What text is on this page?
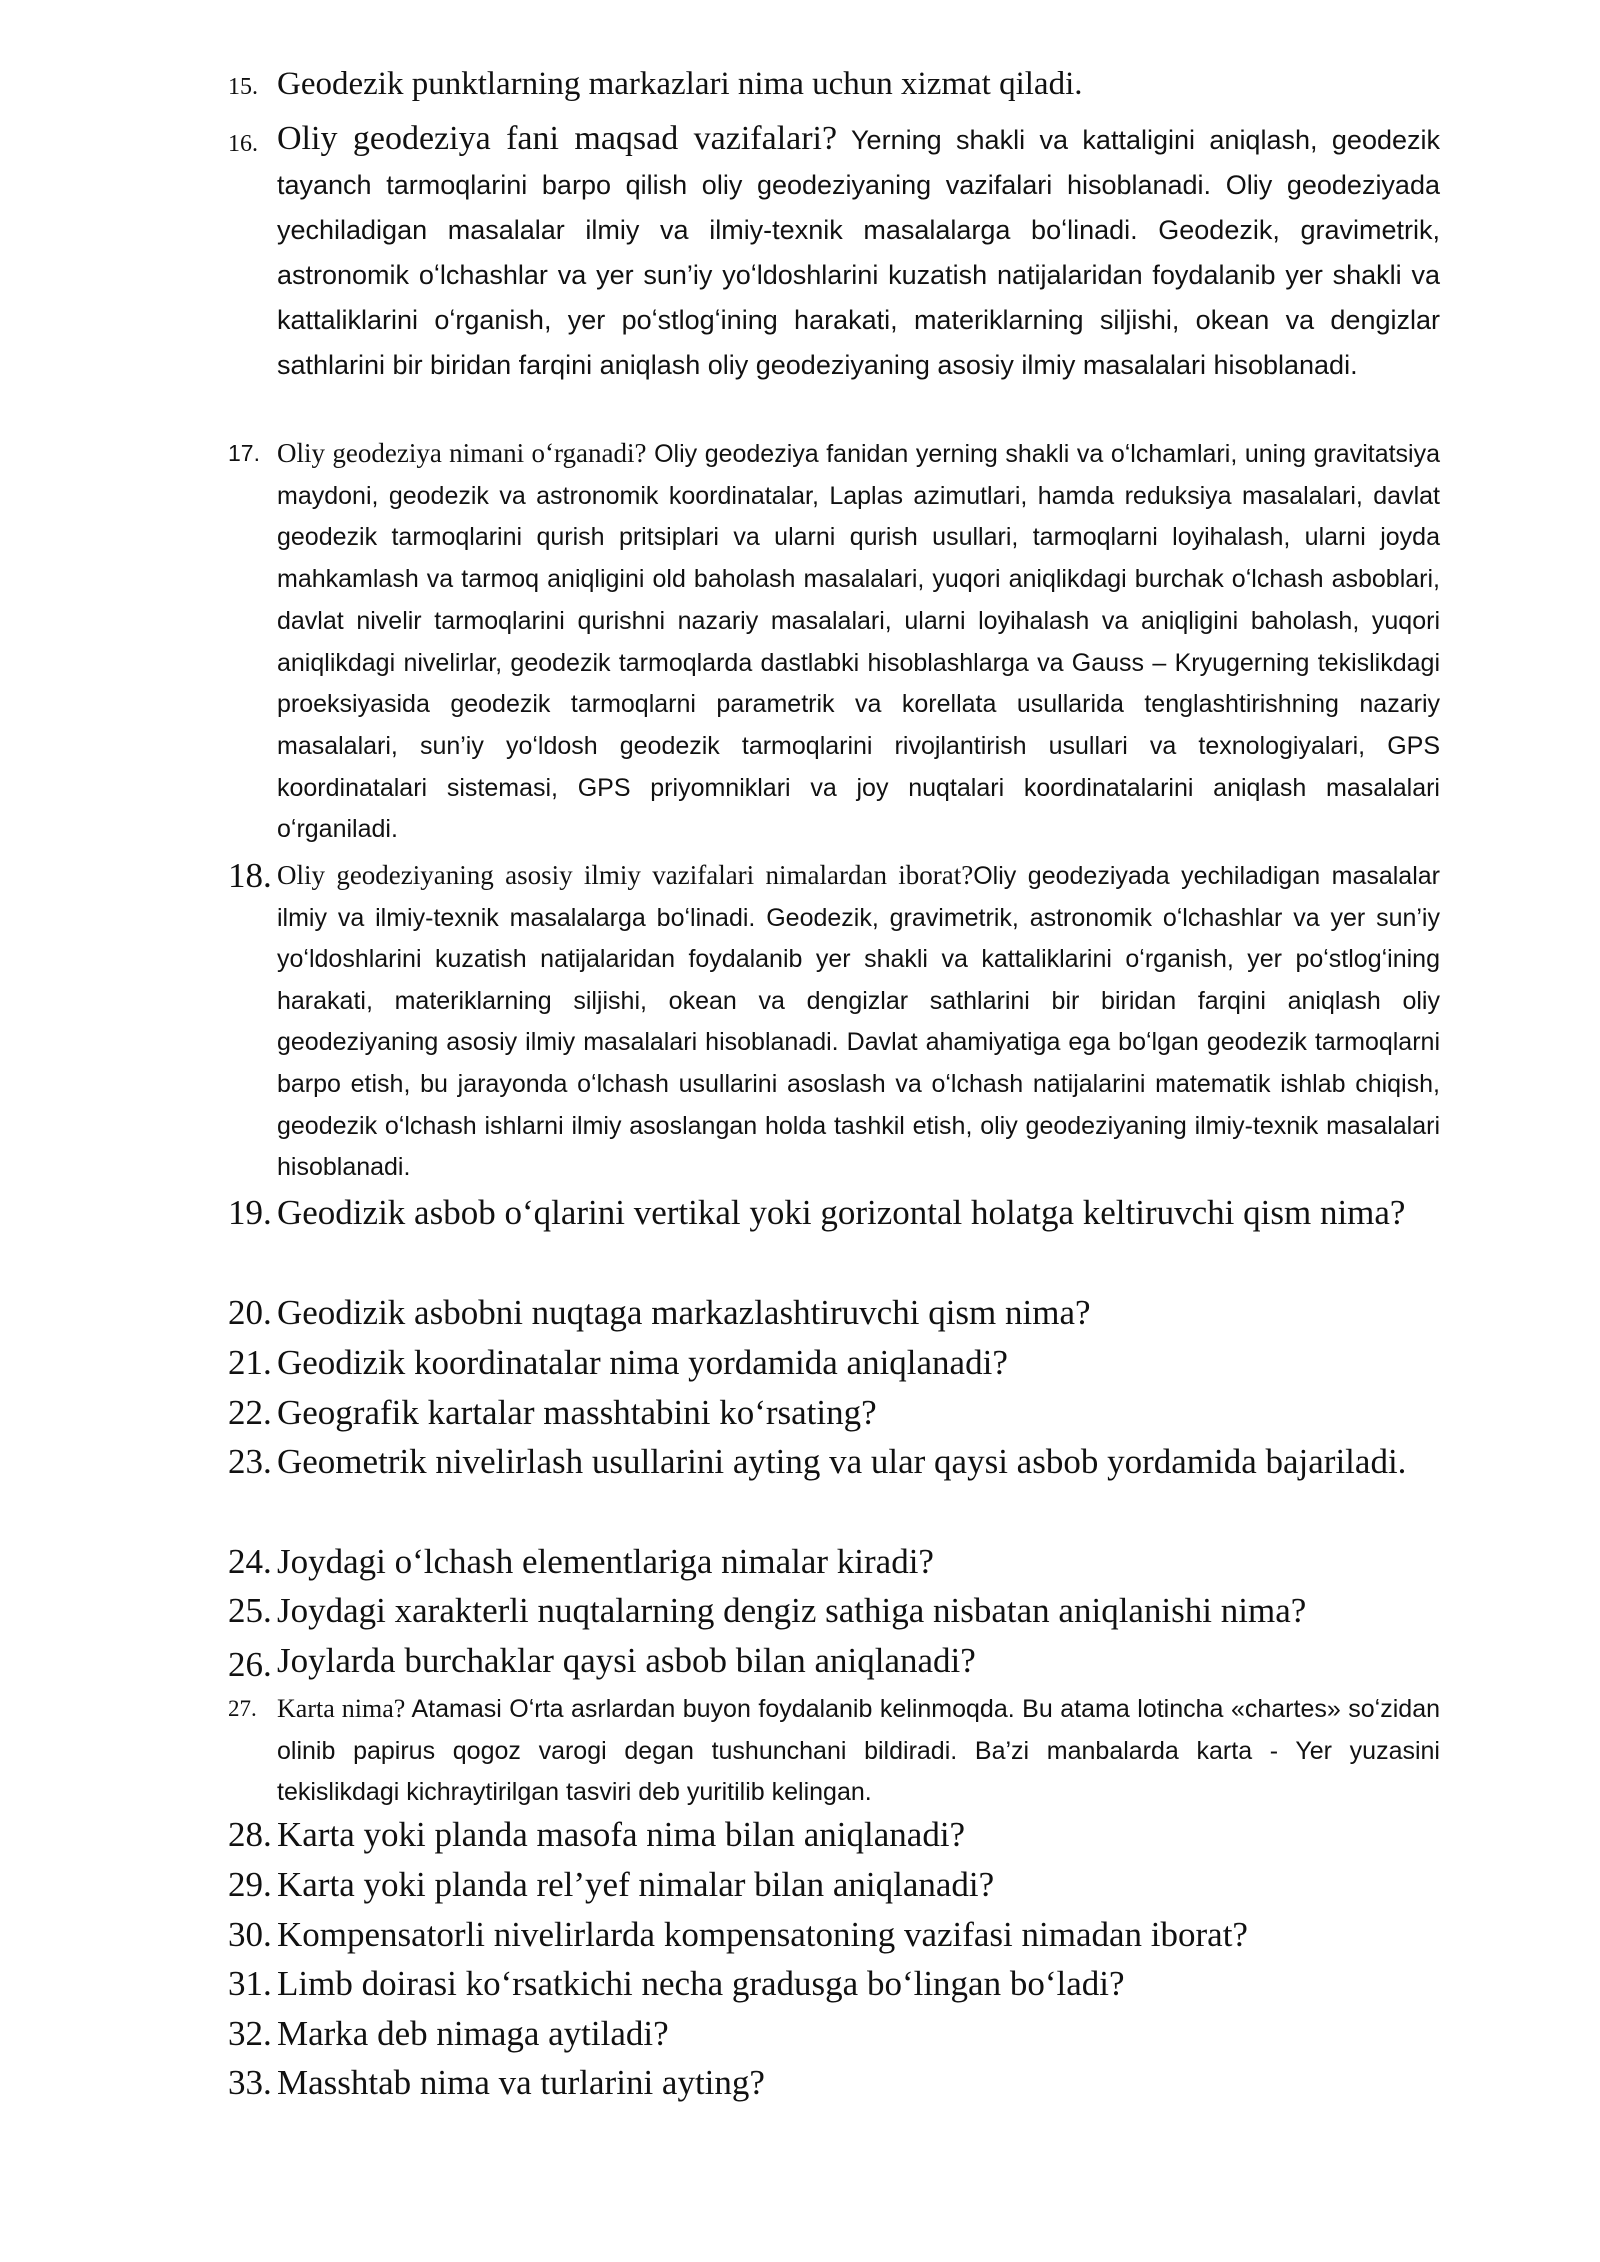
15. Geodezik punktlarning markazlari nima uchun xizmat qiladi.
16. Oliy geodeziya fani maqsad vazifalari? Yerning shakli va kattaligini aniqlash, geodezik tayanch tarmoqlarini barpo qilish oliy geodeziyaning vazifalari hisoblanadi. Oliy geodeziyada yechiladigan masalalar ilmiy va ilmiy-texnik masalalarga boʻlinadi. Geodezik, gravimetrik, astronomik oʻlchashlar va yer sun’iy yoʻldoshlarini kuzatish natijalaridan foydalanib yer shakli va kattaliklarini oʻrganish, yer poʻstlogʻining harakati, materiklarning siljishi, okean va dengizlar sathlarini bir biridan farqini aniqlash oliy geodeziyaning asosiy ilmiy masalalari hisoblanadi.
17. Oliy geodeziya nimani oʻrganadi? Oliy geodeziya fanidan yerning shakli va oʻlchamlari, uning gravitatsiya maydoni, geodezik va astronomik koordinatalar, Laplas azimutlari, hamda reduksiya masalalari, davlat geodezik tarmoqlarini qurish pritsiplari va ularni qurish usullari, tarmoqlarni loyihalash, ularni joyda mahkamlash va tarmoq aniqligini old baholash masalalari, yuqori aniqlikdagi burchak oʻlchash asboblari, davlat nivelir tarmoqlarini qurishni nazariy masalalari, ularni loyihalash va aniqligini baholash, yuqori aniqlikdagi nivelirlar, geodezik tarmoqlarda dastlabki hisoblashlarga va Gauss – Kryugerning tekislikdagi proeksiyasida geodezik tarmoqlarni parametrik va korellata usullarida tenglashtirishning nazariy masalalari, sun’iy yoʻldosh geodezik tarmoqlarini rivojlantirish usullari va texnologiyalari, GPS koordinatalari sistemasi, GPS priyomniklari va joy nuqtalari koordinatalarini aniqlash masalalari oʻrganiladi.
18. Oliy geodeziyaning asosiy ilmiy vazifalari nimalardan iborat?Oliy geodeziyada yechiladigan masalalar ilmiy va ilmiy-texnik masalalarga boʻlinadi. Geodezik, gravimetrik, astronomik oʻlchashlar va yer sun’iy yoʻldoshlarini kuzatish natijalaridan foydalanib yer shakli va kattaliklarini oʻrganish, yer poʻstlogʻining harakati, materiklarning siljishi, okean va dengizlar sathlarini bir biridan farqini aniqlash oliy geodeziyaning asosiy ilmiy masalalari hisoblanadi. Davlat ahamiyatiga ega boʻlgan geodezik tarmoqlarni barpo etish, bu jarayonda oʻlchash usullarini asoslash va oʻlchash natijalarini matematik ishlab chiqish, geodezik oʻlchash ishlarni ilmiy asoslangan holda tashkil etish, oliy geodeziyaning ilmiy-texnik masalalari hisoblanadi.
19. Geodizik asbob oʻqlarini vertikal yoki gorizontal holatga keltiruvchi qism nima?
20. Geodizik asbobni nuqtaga markazlashtiruvchi qism nima?
21. Geodizik koordinatalar nima yordamida aniqlanadi?
22. Geografik kartalar masshtabini koʻrsating?
23. Geometrik nivelirlash usullarini ayting va ular qaysi asbob yordamida bajariladi.
24. Joydagi oʻlchash elementlariga nimalar kiradi?
25. Joydagi xarakterli nuqtalarning dengiz sathiga nisbatan aniqlanishi nima?
26. Joylarda burchaklar qaysi asbob bilan aniqlanadi?
27. Karta nima? Atamasi Oʻrta asrlardan buyon foydalanib kelinmoqda. Bu atama lotincha «chartes» soʻzidan olinib papirus qogoz varogi degan tushunchani bildiradi. Ba’zi manbalarda karta - Yer yuzasini tekislikdagi kichraytirilgan tasviri deb yuritilib kelingan.
28. Karta yoki planda masofa nima bilan aniqlanadi?
29. Karta yoki planda rel’yef nimalar bilan aniqlanadi?
30. Kompensatorli nivelirlarda kompensatoning vazifasi nimadan iborat?
31. Limb doirasi koʻrsatkichi necha gradusga boʻlingan boʻladi?
32. Marka deb nimaga aytiladi?
33. Masshtab nima va turlarini ayting?
